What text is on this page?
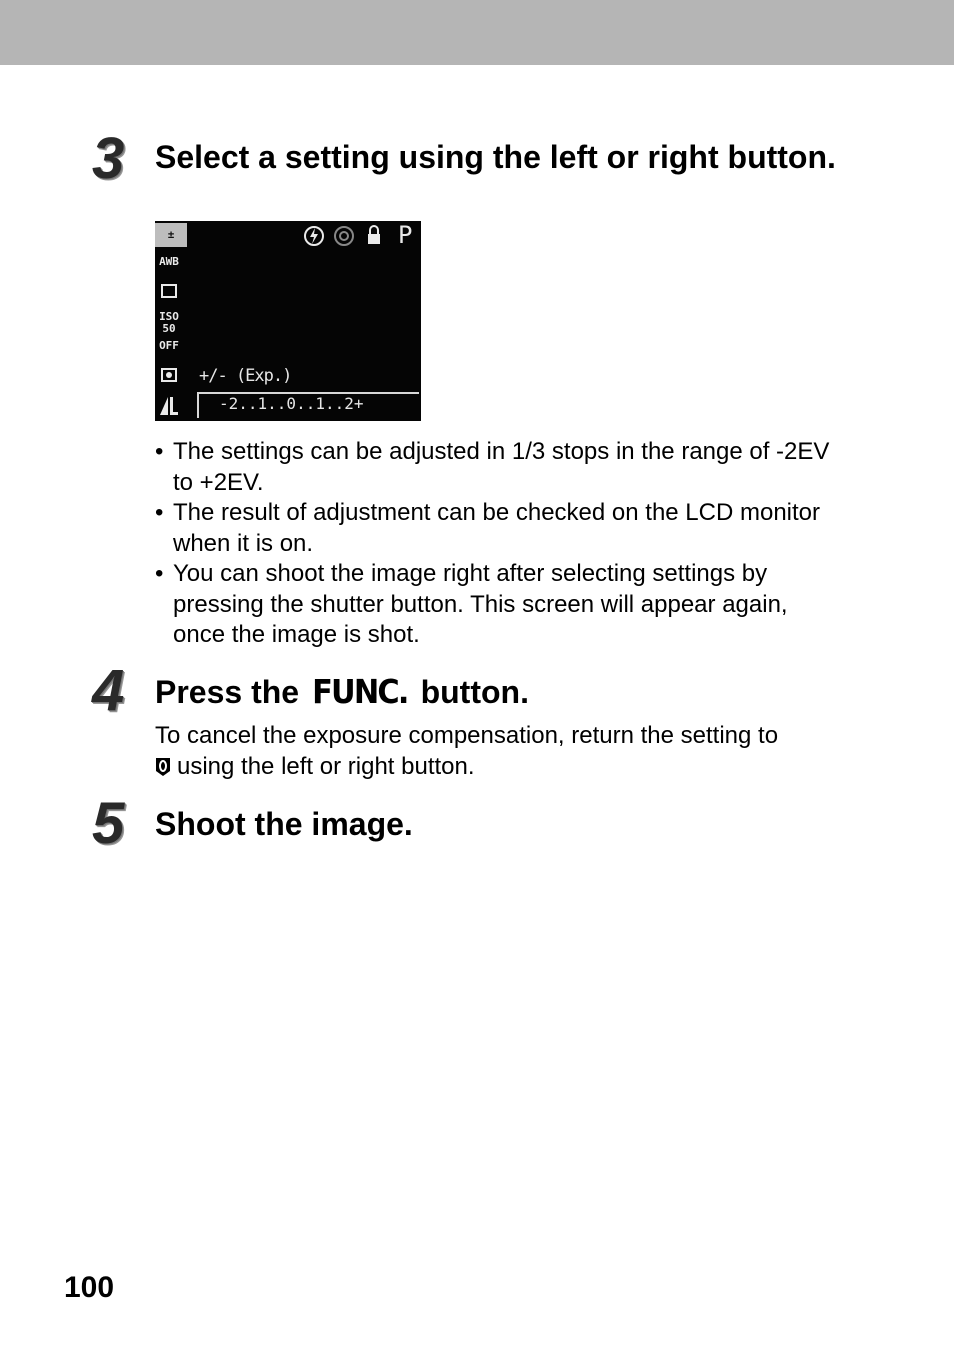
3 Select a setting using the left or right button.
±
AWB
ISO 50
OFF
P
+/- (Exp.)
-2..1..0..1..2+
• The settings can be adjusted in 1/3 stops in the range of -2EV to +2EV.
• The result of adjustment can be checked on the LCD monitor when it is on.
• You can shoot the image right after selecting settings by pressing the shutter button. This screen will appear again, once the image is shot.
4 Press the FUNC. button.
To cancel the exposure compensation, return the setting to
using the left or right button.
5 Shoot the image.
100
